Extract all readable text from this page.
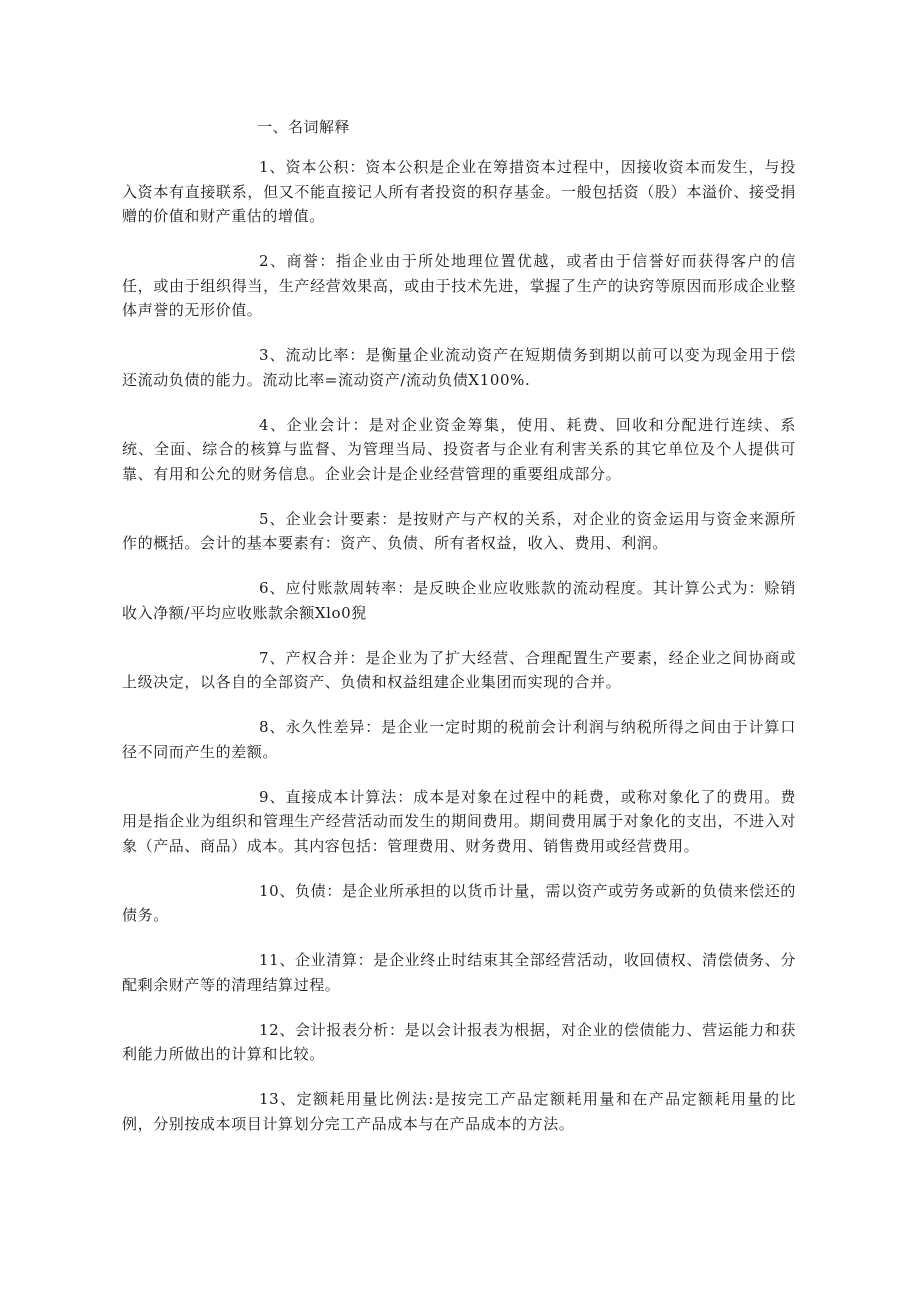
一、名词解释

1、资本公积：资本公积是企业在筹措资本过程中，因接收资本而发生，与投入资本有直接联系，但又不能直接记人所有者投资的积存基金。一般包括资（股）本溢价、接受捐赠的价值和财产重估的增值。

2、商誉：指企业由于所处地理位置优越，或者由于信誉好而获得客户的信任，或由于组织得当，生产经营效果高，或由于技术先进，掌握了生产的诀窍等原因而形成企业整体声誉的无形价值。

3、流动比率：是衡量企业流动资产在短期债务到期以前可以变为现金用于偿还流动负债的能力。流动比率=流动资产/流动负债X100%.

4、企业会计：是对企业资金筹集，使用、耗费、回收和分配进行连续、系统、全面、综合的核算与监督、为管理当局、投资者与企业有利害关系的其它单位及个人提供可靠、有用和公允的财务信息。企业会计是企业经营管理的重要组成部分。

5、企业会计要素：是按财产与产权的关系，对企业的资金运用与资金来源所作的概括。会计的基本要素有：资产、负债、所有者权益，收入、费用、利润。

6、应付账款周转率：是反映企业应收账款的流动程度。其计算公式为：赊销收入净额/平均应收账款余额Xlo0猊

7、产权合并：是企业为了扩大经营、合理配置生产要素，经企业之间协商或上级决定，以各自的全部资产、负债和权益组建企业集团而实现的合并。

8、永久性差异：是企业一定时期的税前会计利润与纳税所得之间由于计算口径不同而产生的差额。

9、直接成本计算法：成本是对象在过程中的耗费，或称对象化了的费用。费用是指企业为组织和管理生产经营活动而发生的期间费用。期间费用属于对象化的支出，不进入对象（产品、商品）成本。其内容包括：管理费用、财务费用、销售费用或经营费用。

10、负债：是企业所承担的以货币计量，需以资产或劳务或新的负债来偿还的债务。

11、企业清算：是企业终止时结束其全部经营活动，收回债权、清偿债务、分配剩余财产等的清理结算过程。

12、会计报表分析：是以会计报表为根据，对企业的偿债能力、营运能力和获利能力所做出的计算和比较。

13、定额耗用量比例法:是按完工产品定额耗用量和在产品定额耗用量的比例，分别按成本项目计算划分完工产品成本与在产品成本的方法。
